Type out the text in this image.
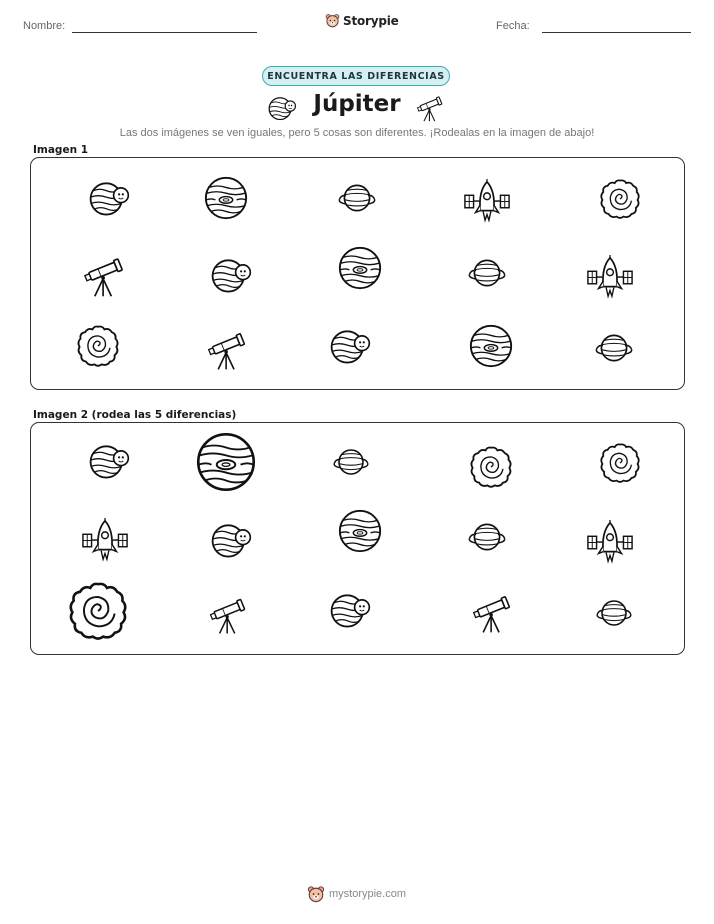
Nombre:	Storypie	Fecha:
ENCUENTRA LAS DIFERENCIAS
Júpiter
Las dos imágenes se ven iguales, pero 5 cosas son diferentes. ¡Rodealas en la imagen de abajo!
Imagen 1
Imagen 2 (rodea las 5 diferencias)
mystorypie.com
